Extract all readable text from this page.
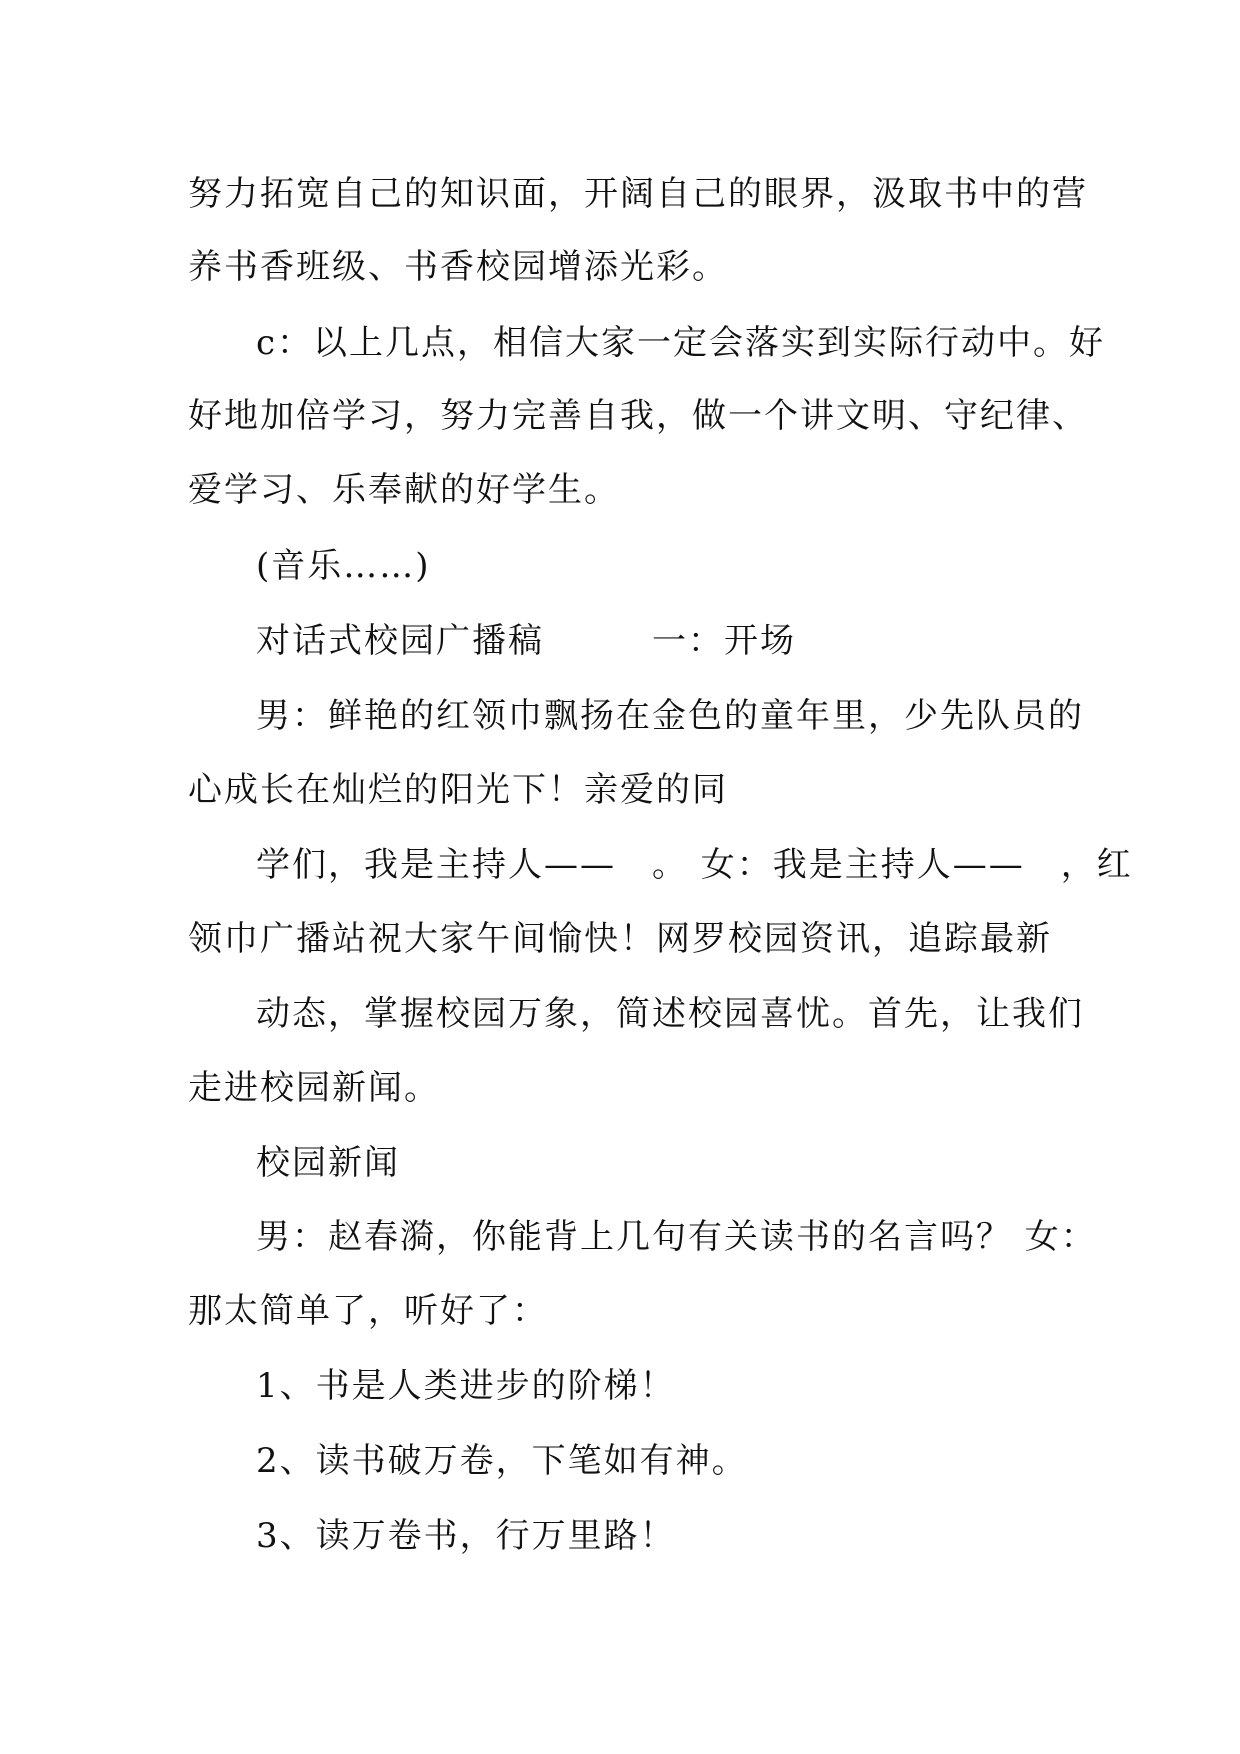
努力拓宽自己的知识面，开阔自己的眼界，汲取书中的营
养书香班级、书香校园增添光彩。
c：以上几点，相信大家一定会落实到实际行动中。好
好地加倍学习，努力完善自我，做一个讲文明、守纪律、
爱学习、乐奉献的好学生。
(音乐……)
对话式校园广播稿　　　一：开场
男：鲜艳的红领巾飘扬在金色的童年里，少先队员的
心成长在灿烂的阳光下！亲爱的同
学们，我是主持人——　。 女：我是主持人——　，红
领巾广播站祝大家午间愉快！网罗校园资讯，追踪最新
动态，掌握校园万象，简述校园喜忧。首先，让我们
走进校园新闻。
校园新闻
男：赵春漪，你能背上几句有关读书的名言吗？ 女：
那太简单了，听好了：
1、书是人类进步的阶梯！
2、读书破万卷，下笔如有神。
3、读万卷书，行万里路！
